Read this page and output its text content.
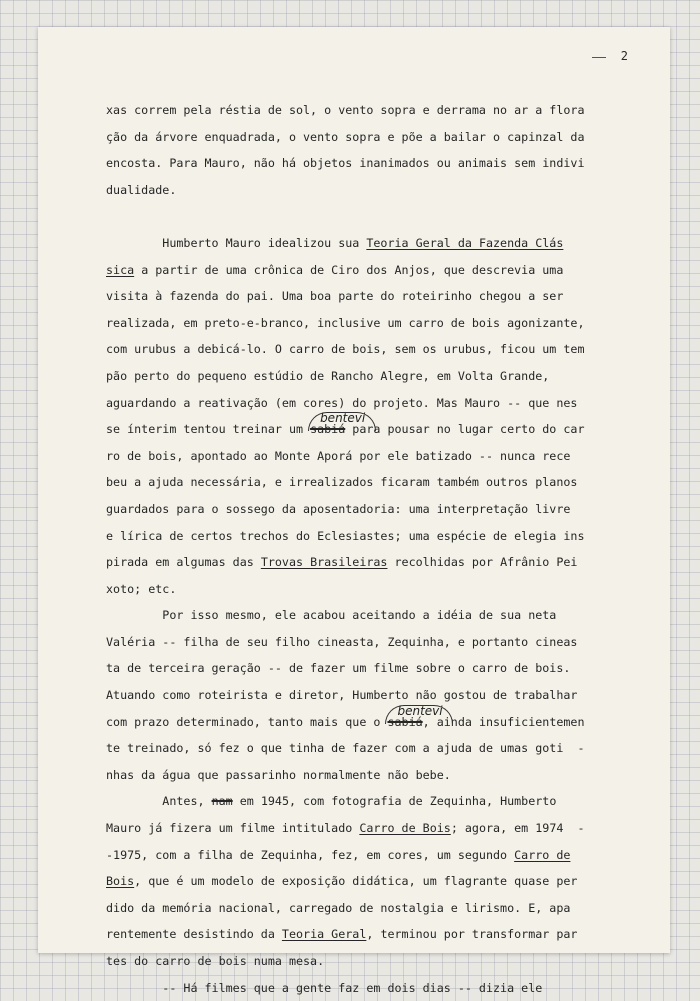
2
xas correm pela réstia de sol, o vento sopra e derrama no ar a flora
ção da árvore enquadrada, o vento sopra e põe a bailar o capinzal da
encosta. Para Mauro, não há objetos inanimados ou animais sem indivi
dualidade.
Humberto Mauro idealizou sua Teoria Geral da Fazenda Clás
sica a partir de uma crônica de Ciro dos Anjos, que descrevia uma
visita à fazenda do pai. Uma boa parte do roteirinho chegou a ser
realizada, em preto-e-branco, inclusive um carro de bois agonizante,
com urubus a debicá-lo. O carro de bois, sem os urubus, ficou um tem
pão perto do pequeno estúdio de Rancho Alegre, em Volta Grande,
aguardando a reativação (em cores) do projeto. Mas Mauro -- que nes
se ínterim tentou treinar um
bentevi
sabiá para pousar no lugar certo do car
ro de bois, apontado ao Monte Aporá por ele batizado -- nunca rece
beu a ajuda necessária, e irrealizados ficaram também outros planos
guardados para o sossego da aposentadoria: uma interpretação livre
e lírica de certos trechos do Eclesiastes; uma espécie de elegia ins
pirada em algumas das Trovas Brasileiras recolhidas por Afrânio Pei
xoto; etc.
Por isso mesmo, ele acabou aceitando a idéia de sua neta
Valéria -- filha de seu filho cineasta, Zequinha, e portanto cineas
ta de terceira geração -- de fazer um filme sobre o carro de bois.
Atuando como roteirista e diretor, Humberto não gostou de trabalhar
com prazo determinado, tanto mais que o
bentevi
sabiá, ainda insuficientemen
te treinado, só fez o que tinha de fazer com a ajuda de umas goti  -
nhas da água que passarinho normalmente não bebe.
Antes, nam em 1945, com fotografia de Zequinha, Humberto
Mauro já fizera um filme intitulado Carro de Bois; agora, em 1974  -
-1975, com a filha de Zequinha, fez, em cores, um segundo Carro de
Bois, que é um modelo de exposição didática, um flagrante quase per
dido da memória nacional, carregado de nostalgia e lirismo. E, apa
rentemente desistindo da Teoria Geral, terminou por transformar par
tes do carro de bois numa mesa.
-- Há filmes que a gente faz em dois dias -- dizia ele
